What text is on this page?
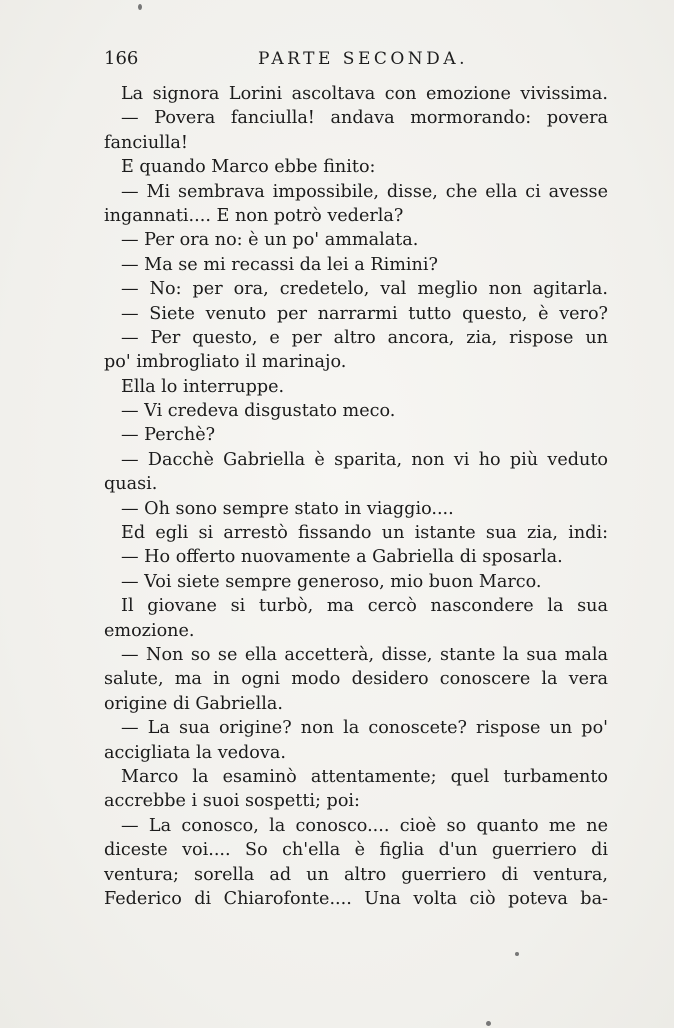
166	PARTE SECONDA.
La signora Lorini ascoltava con emozione vivissima.
— Povera fanciulla! andava mormorando: povera
fanciulla!
E quando Marco ebbe finito:
— Mi sembrava impossibile, disse, che ella ci avesse
ingannati.... E non potrò vederla?
— Per ora no: è un po' ammalata.
— Ma se mi recassi da lei a Rimini?
— No: per ora, credetelo, val meglio non agitarla.
— Siete venuto per narrarmi tutto questo, è vero?
— Per questo, e per altro ancora, zia, rispose un
po' imbrogliato il marinajo.
Ella lo interruppe.
— Vi credeva disgustato meco.
— Perchè?
— Dacchè Gabriella è sparita, non vi ho più veduto
quasi.
— Oh sono sempre stato in viaggio....
Ed egli si arrestò fissando un istante sua zia, indi:
— Ho offerto nuovamente a Gabriella di sposarla.
— Voi siete sempre generoso, mio buon Marco.
Il giovane si turbò, ma cercò nascondere la sua
emozione.
— Non so se ella accetterà, disse, stante la sua mala
salute, ma in ogni modo desidero conoscere la vera
origine di Gabriella.
— La sua origine? non la conoscete? rispose un po'
accigliata la vedova.
Marco la esaminò attentamente; quel turbamento
accrebbe i suoi sospetti; poi:
— La conosco, la conosco.... cioè so quanto me ne
diceste voi.... So ch'ella è figlia d'un guerriero di
ventura; sorella ad un altro guerriero di ventura,
Federico di Chiarofonte.... Una volta ciò poteva ba-
